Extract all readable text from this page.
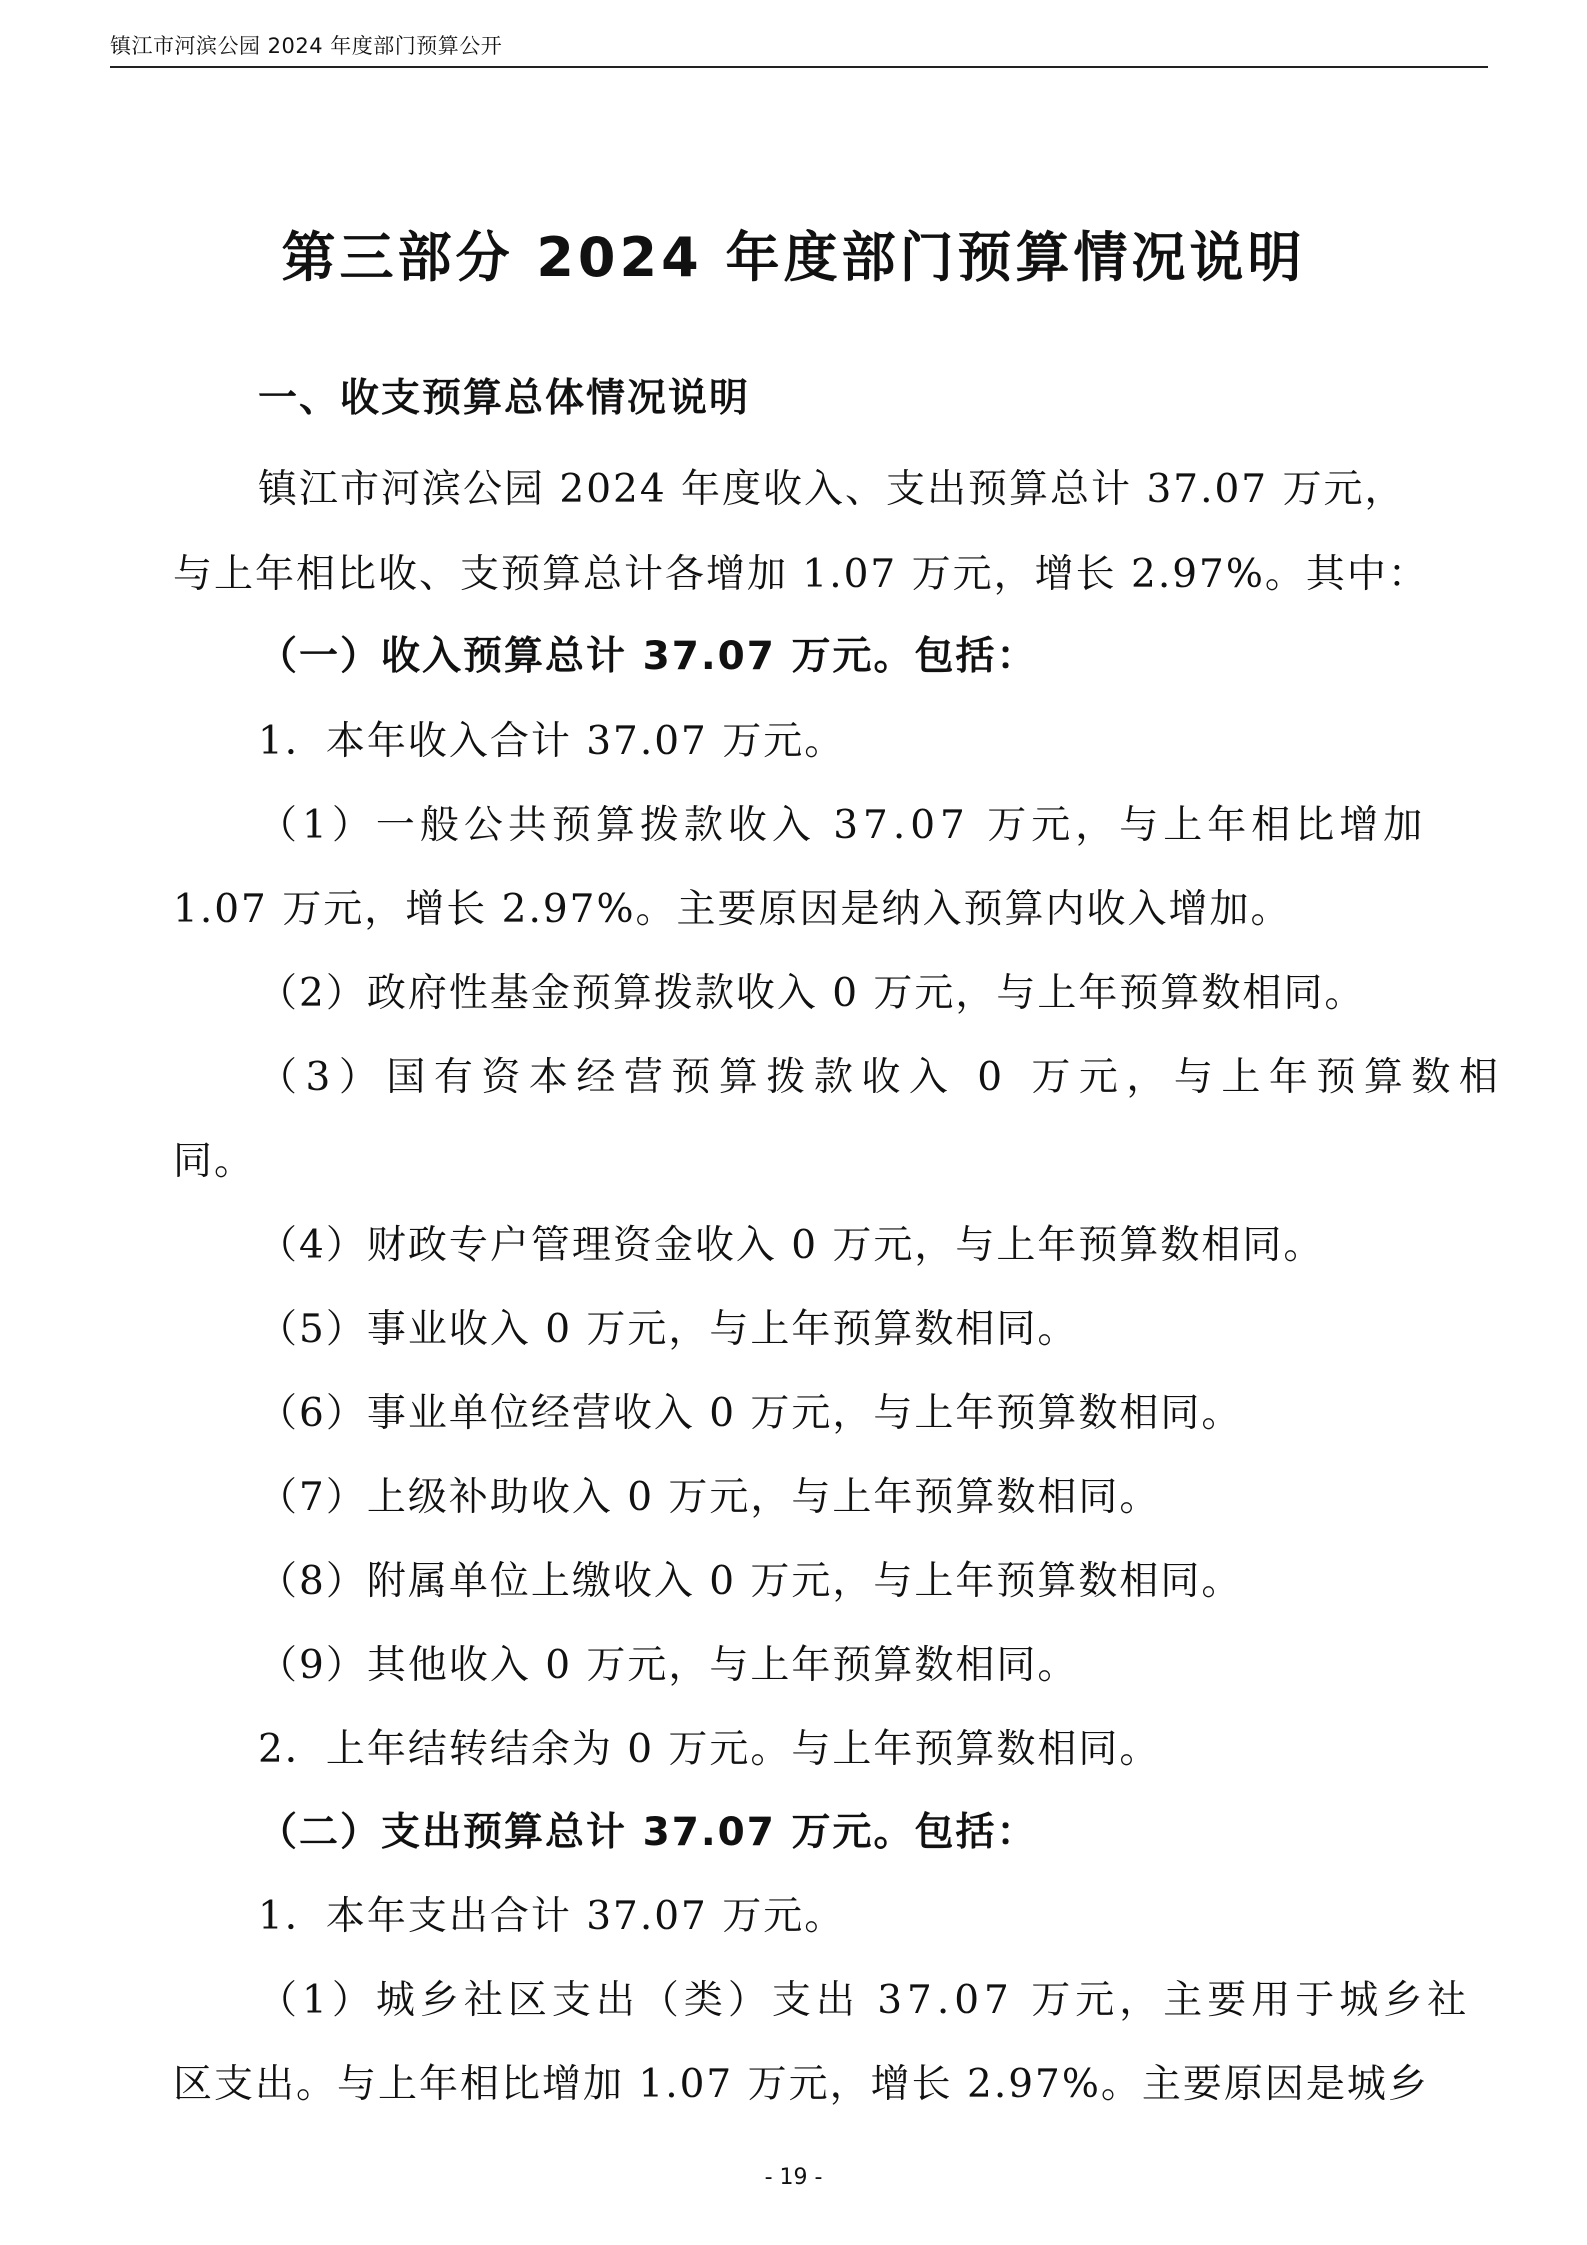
镇江市河滨公园 2024 年度部门预算公开
第三部分 2024 年度部门预算情况说明
一、收支预算总体情况说明
镇江市河滨公园 2024 年度收入、支出预算总计 37.07 万元，
与上年相比收、支预算总计各增加 1.07 万元，增长 2.97%。其中：
（一）收入预算总计 37.07 万元。包括：
1．本年收入合计 37.07 万元。
（1）一般公共预算拨款收入 37.07 万元，与上年相比增加
1.07 万元，增长 2.97%。主要原因是纳入预算内收入增加。
（2）政府性基金预算拨款收入 0 万元，与上年预算数相同。
（3）国有资本经营预算拨款收入 0 万元，与上年预算数相
同。
（4）财政专户管理资金收入 0 万元，与上年预算数相同。
（5）事业收入 0 万元，与上年预算数相同。
（6）事业单位经营收入 0 万元，与上年预算数相同。
（7）上级补助收入 0 万元，与上年预算数相同。
（8）附属单位上缴收入 0 万元，与上年预算数相同。
（9）其他收入 0 万元，与上年预算数相同。
2．上年结转结余为 0 万元。与上年预算数相同。
（二）支出预算总计 37.07 万元。包括：
1．本年支出合计 37.07 万元。
（1）城乡社区支出（类）支出 37.07 万元，主要用于城乡社
区支出。与上年相比增加 1.07 万元，增长 2.97%。主要原因是城乡
- 19 -
